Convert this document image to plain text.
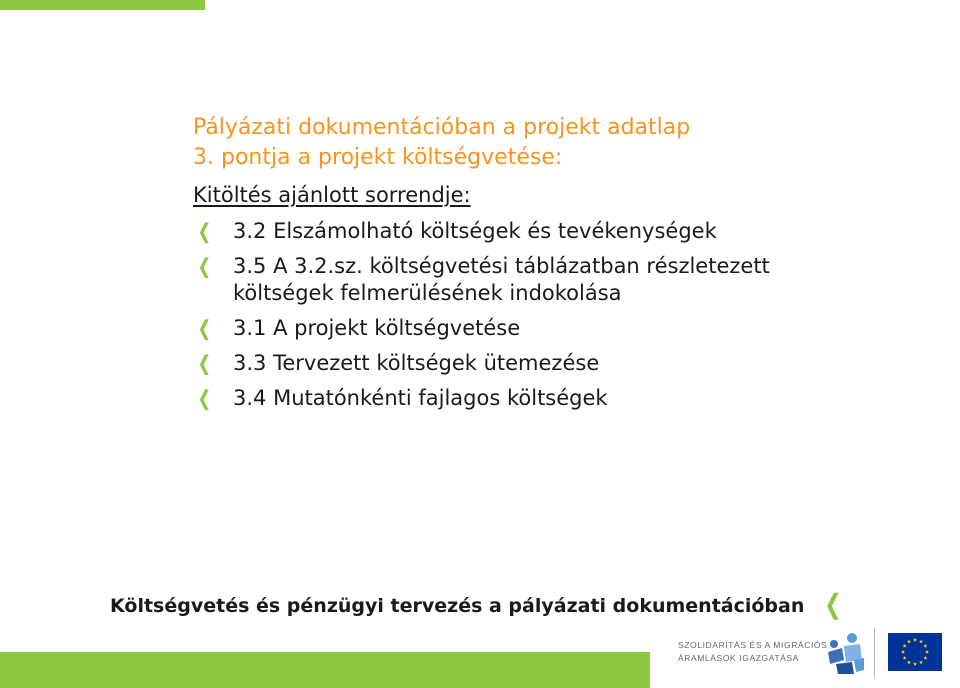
Pályázati dokumentációban a projekt adatlap
3. pontja a projekt költségvetése:
Kitöltés ajánlott sorrendje:
❬ 3.2 Elszámolható költségek és tevékenységek
❬ 3.5 A 3.2.sz. költségvetési táblázatban részletezett költségek felmerülésének indokolása
❬ 3.1 A projekt költségvetése
❬ 3.3 Tervezett költségek ütemezése
❬ 3.4 Mutatónkénti fajlagos költségek
Költségvetés és pénzügyi tervezés a pályázati dokumentációban ❬
SZOLIDARITÁS ÉS A MIGRÁCIÓS
ÁRAMLÁSOK IGAZGATÁSA
